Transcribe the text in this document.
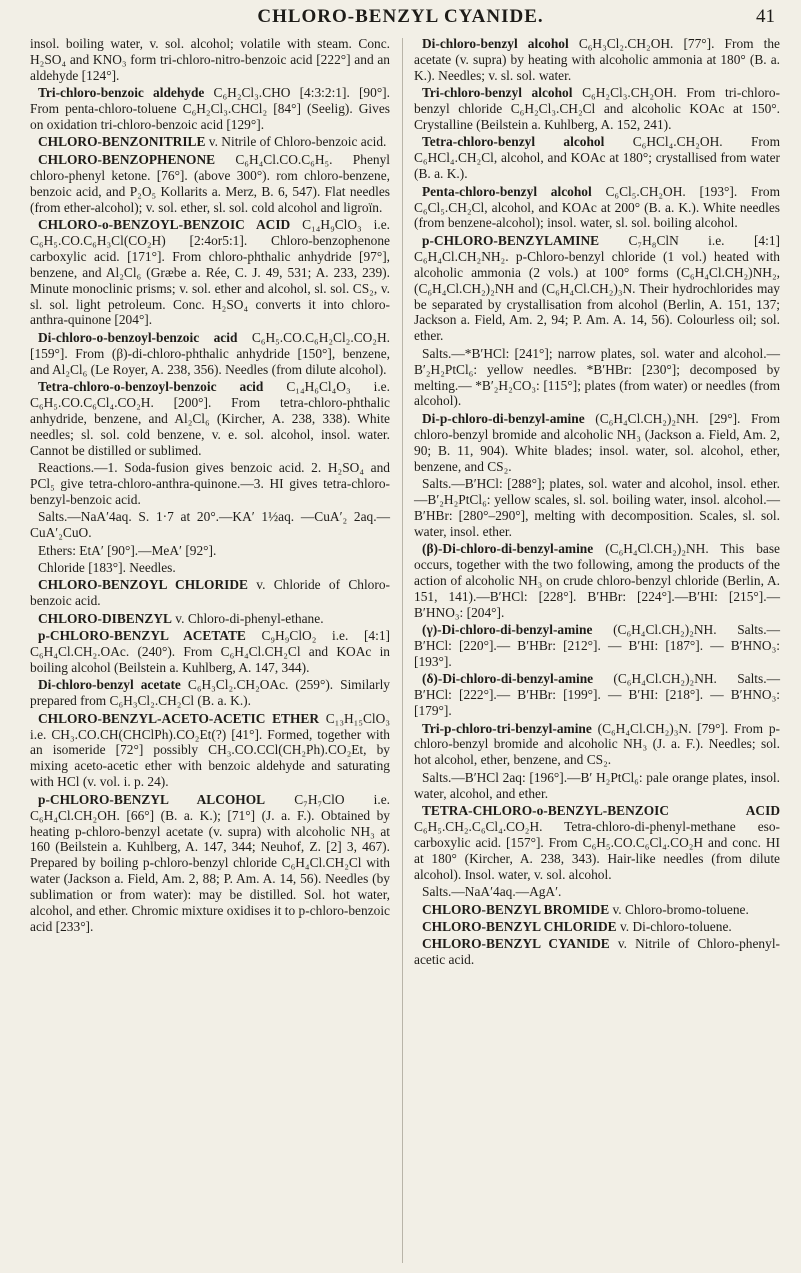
CHLORO-BENZYL CYANIDE.	41

insol. boiling water, v. sol. alcohol; volatile with steam. Conc. H₂SO₄ and KNO₃ form tri-chloro-nitro-benzoic acid [222°] and an aldehyde [124°].

Tri-chloro-benzoic aldehyde C₆H₂Cl₃.CHO [4:3:2:1]. [90°]. From penta-chloro-toluene C₆H₂Cl₃.CHCl₂ [84°] (Seelig). Gives on oxidation tri-chloro-benzoic acid [129°].

CHLORO-BENZONITRILE v. Nitrile of Chloro-benzoic acid.

CHLORO-BENZOPHENONE C₆H₄Cl.CO.C₆H₅. Phenyl chloro-phenyl ketone. [76°]. (above 300°). rom chloro-benzene, benzoic acid, and P₂O₅ Kollarits a. Merz, B. 6, 547). Flat needles (from ether-alcohol); v. sol. ether, sl. sol. cold alcohol and ligroïn.

CHLORO-o-BENZOYL-BENZOIC ACID C₁₄H₉ClO₃ i.e. C₆H₅.CO.C₆H₃Cl(CO₂H) [2:4or5:1]. Chloro-benzophenone carboxylic acid. [171°]. From chloro-phthalic anhydride [97°], benzene, and Al₂Cl₆ (Græbe a. Rée, C. J. 49, 531; A. 233, 239). Minute monoclinic prisms; v. sol. ether and alcohol, sl. sol. CS₂, v. sl. sol. light petroleum. Conc. H₂SO₄ converts it into chloro-anthra-quinone [204°].

Di-chloro-o-benzoyl-benzoic acid C₆H₅.CO.C₆H₂Cl₂.CO₂H. [159°]. From (β)-di-chloro-phthalic anhydride [150°], benzene, and Al₂Cl₆ (Le Royer, A. 238, 356). Needles (from dilute alcohol).

Tetra-chloro-o-benzoyl-benzoic acid C₁₄H₆Cl₄O₃ i.e. C₆H₅.CO.C₆Cl₄.CO₂H. [200°]. From tetra-chloro-phthalic anhydride, benzene, and Al₂Cl₆ (Kircher, A. 238, 338). White needles; sl. sol. cold benzene, v. e. sol. alcohol, insol. water. Cannot be distilled or sublimed.

Reactions.—1. Soda-fusion gives benzoic acid. 2. H₂SO₄ and PCl₅ give tetra-chloro-anthra-quinone.—3. HI gives tetra-chloro-benzyl-benzoic acid.

Salts.—NaA′4aq. S. 1·7 at 20°.—KA′ 1½aq. —CuA′₂ 2aq.—CuA′₂CuO.

Ethers: EtA′ [90°].—MeA′ [92°].

Chloride [183°]. Needles.

CHLORO-BENZOYL CHLORIDE v. Chloride of Chloro-benzoic acid.

CHLORO-DIBENZYL v. Chloro-di-phenyl-ethane.

p-CHLORO-BENZYL ACETATE C₉H₉ClO₂ i.e. [4:1] C₆H₄Cl.CH₂.OAc. (240°). From C₆H₄Cl.CH₂Cl and KOAc in boiling alcohol (Beilstein a. Kuhlberg, A. 147, 344).

Di-chloro-benzyl acetate C₆H₃Cl₂.CH₂OAc. (259°). Similarly prepared from C₆H₃Cl₂.CH₂Cl (B. a. K.).

CHLORO-BENZYL-ACETO-ACETIC ETHER C₁₃H₁₅ClO₃ i.e. CH₃.CO.CH(CHClPh).CO₂Et(?) [41°]. Formed, together with an isomeride [72°] possibly CH₃.CO.CCl(CH₂Ph).CO₂Et, by mixing aceto-acetic ether with benzoic aldehyde and saturating with HCl (v. vol. i. p. 24).

p-CHLORO-BENZYL ALCOHOL C₇H₇ClO i.e. C₆H₄Cl.CH₂OH. [66°] (B. a. K.); [71°] (J. a. F.). Obtained by heating p-chloro-benzyl acetate (v. supra) with alcoholic NH₃ at 160 (Beilstein a. Kuhlberg, A. 147, 344; Neuhof, Z. [2] 3, 467). Prepared by boiling p-chloro-benzyl chloride C₆H₄Cl.CH₂Cl with water (Jackson a. Field, Am. 2, 88; P. Am. A. 14, 56). Needles (by sublimation or from water): may be distilled. Sol. hot water, alcohol, and ether. Chromic mixture oxidises it to p-chloro-benzoic acid [233°].

Di-chloro-benzyl alcohol C₆H₃Cl₂.CH₂OH. [77°]. From the acetate (v. supra) by heating with alcoholic ammonia at 180° (B. a. K.). Needles; v. sl. sol. water.

Tri-chloro-benzyl alcohol C₆H₂Cl₃.CH₂OH. From tri-chloro-benzyl chloride C₆H₂Cl₃.CH₂Cl and alcoholic KOAc at 150°. Crystalline (Beilstein a. Kuhlberg, A. 152, 241).

Tetra-chloro-benzyl alcohol C₆HCl₄.CH₂OH. From C₆HCl₄.CH₂Cl, alcohol, and KOAc at 180°; crystallised from water (B. a. K.).

Penta-chloro-benzyl alcohol C₆Cl₅.CH₂OH. [193°]. From C₆Cl₅.CH₂Cl, alcohol, and KOAc at 200° (B. a. K.). White needles (from benzene-alcohol); insol. water, sl. sol. boiling alcohol.

p-CHLORO-BENZYLAMINE C₇H₈ClN i.e. [4:1] C₆H₄Cl.CH₂NH₂. p-Chloro-benzyl chloride (1 vol.) heated with alcoholic ammonia (2 vols.) at 100° forms (C₆H₄Cl.CH₂)NH₂, (C₆H₄Cl.CH₂)₂NH and (C₆H₄Cl.CH₂)₃N. Their hydrochlorides may be separated by crystallisation from alcohol (Berlin, A. 151, 137; Jackson a. Field, Am. 2, 94; P. Am. A. 14, 56). Colourless oil; sol. ether.

Salts.—*B′HCl: [241°]; narrow plates, sol. water and alcohol.—B′₂H₂PtCl₆: yellow needles. *B′HBr: [230°]; decomposed by melting.— *B′₂H₂CO₃: [115°]; plates (from water) or needles (from alcohol).

Di-p-chloro-di-benzyl-amine (C₆H₄Cl.CH₂)₂NH. [29°]. From chloro-benzyl bromide and alcoholic NH₃ (Jackson a. Field, Am. 2, 90; B. 11, 904). White blades; insol. water, sol. alcohol, ether, benzene, and CS₂.

Salts.—B′HCl: [288°]; plates, sol. water and alcohol, insol. ether.—B′₂H₂PtCl₆: yellow scales, sl. sol. boiling water, insol. alcohol.— B′HBr: [280°–290°], melting with decomposition. Scales, sl. sol. water, insol. ether.

(β)-Di-chloro-di-benzyl-amine (C₆H₄Cl.CH₂)₂NH. This base occurs, together with the two following, among the products of the action of alcoholic NH₃ on crude chloro-benzyl chloride (Berlin, A. 151, 141).—B′HCl: [228°]. B′HBr: [224°].—B′HI: [215°].—B′HNO₃: [204°].

(γ)-Di-chloro-di-benzyl-amine (C₆H₄Cl.CH₂)₂NH. Salts.—B′HCl: [220°].— B′HBr: [212°]. — B′HI: [187°]. — B′HNO₃: [193°].

(δ)-Di-chloro-di-benzyl-amine (C₆H₄Cl.CH₂)₂NH. Salts.—B′HCl: [222°].— B′HBr: [199°]. — B′HI: [218°]. — B′HNO₃: [179°].

Tri-p-chloro-tri-benzyl-amine (C₆H₄Cl.CH₂)₃N. [79°]. From p-chloro-benzyl bromide and alcoholic NH₃ (J. a. F.). Needles; sol. hot alcohol, ether, benzene, and CS₂.

Salts.—B′HCl 2aq: [196°].—B′ H₂PtCl₆: pale orange plates, insol. water, alcohol, and ether.

TETRA-CHLORO-o-BENZYL-BENZOIC ACID C₆H₅.CH₂.C₆Cl₄.CO₂H. Tetra-chloro-di-phenyl-methane eso-carboxylic acid. [157°]. From C₆H₅.CO.C₆Cl₄.CO₂H and conc. HI at 180° (Kircher, A. 238, 343). Hair-like needles (from dilute alcohol). Insol. water, v. sol. alcohol.

Salts.—NaA′4aq.—AgA′.

CHLORO-BENZYL BROMIDE v. Chloro-bromo-toluene.

CHLORO-BENZYL CHLORIDE v. Di-chloro-toluene.

CHLORO-BENZYL CYANIDE v. Nitrile of Chloro-phenyl-acetic acid.
